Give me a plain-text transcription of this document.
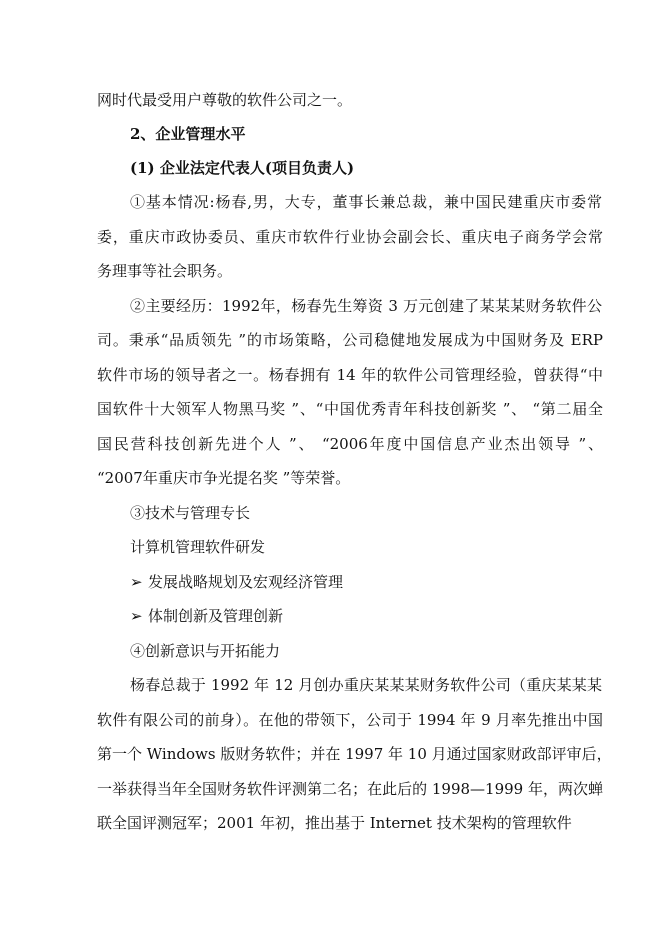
网时代最受用户尊敬的软件公司之一。
2、企业管理水平
(1) 企业法定代表人(项目负责人)
①基本情况:杨春,男，大专，董事长兼总裁，兼中国民建重庆市委常
委，重庆市政协委员、重庆市软件行业协会副会长、重庆电子商务学会常
务理事等社会职务。
②主要经历：1992年，杨春先生筹资 3 万元创建了某某某财务软件公
司。秉承“品质领先 ”的市场策略，公司稳健地发展成为中国财务及 ERP
软件市场的领导者之一。杨春拥有 14 年的软件公司管理经验，曾获得“中
国软件十大领军人物黑马奖 ”、“中国优秀青年科技创新奖 ”、 “第二届全
国民营科技创新先进个人 ”、 “2006年度中国信息产业杰出领导 ”、
“2007年重庆市争光提名奖 ”等荣誉。
③技术与管理专长
计算机管理软件研发
➢ 发展战略规划及宏观经济管理
➢ 体制创新及管理创新
④创新意识与开拓能力
杨春总裁于 1992 年 12 月创办重庆某某某财务软件公司（重庆某某某
软件有限公司的前身）。在他的带领下，公司于 1994 年 9 月率先推出中国
第一个 Windows 版财务软件；并在 1997 年 10 月通过国家财政部评审后，
一举获得当年全国财务软件评测第二名；在此后的 1998—1999 年，两次蝉
联全国评测冠军；2001 年初，推出基于 Internet 技术架构的管理软件
